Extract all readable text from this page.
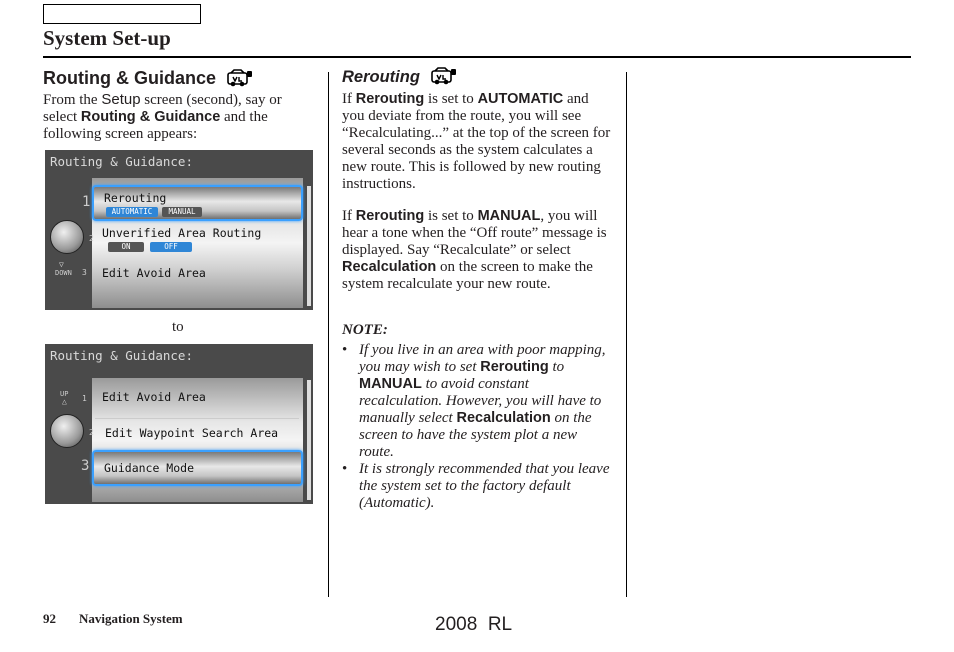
System Set-up
Routing & Guidance
From the Setup screen (second), say or select Routing & Guidance and the following screen appears:
Routing & Guidance:
1
2
3
▽
DOWN
Rerouting
AUTOMATIC	MANUAL
Unverified Area Routing
ON	OFF
Edit Avoid Area
to
Routing & Guidance:
UP
△ 1
2
3
Edit Avoid Area
Edit Waypoint Search Area
Guidance Mode
Rerouting
If Rerouting is set to AUTOMATIC and you deviate from the route, you will see “Recalculating...” at the top of the screen for several seconds as the system calculates a new route. This is followed by new routing instructions.
If Rerouting is set to MANUAL, you will hear a tone when the “Off route” message is displayed. Say “Recalculate” or select Recalculation on the screen to make the system recalculate your new route.
NOTE:
• If you live in an area with poor mapping, you may wish to set Rerouting to MANUAL to avoid constant recalculation. However, you will have to manually select Recalculation on the screen to have the system plot a new route.
• It is strongly recommended that you leave the system set to the factory default (Automatic).
92 Navigation System	2008  RL
